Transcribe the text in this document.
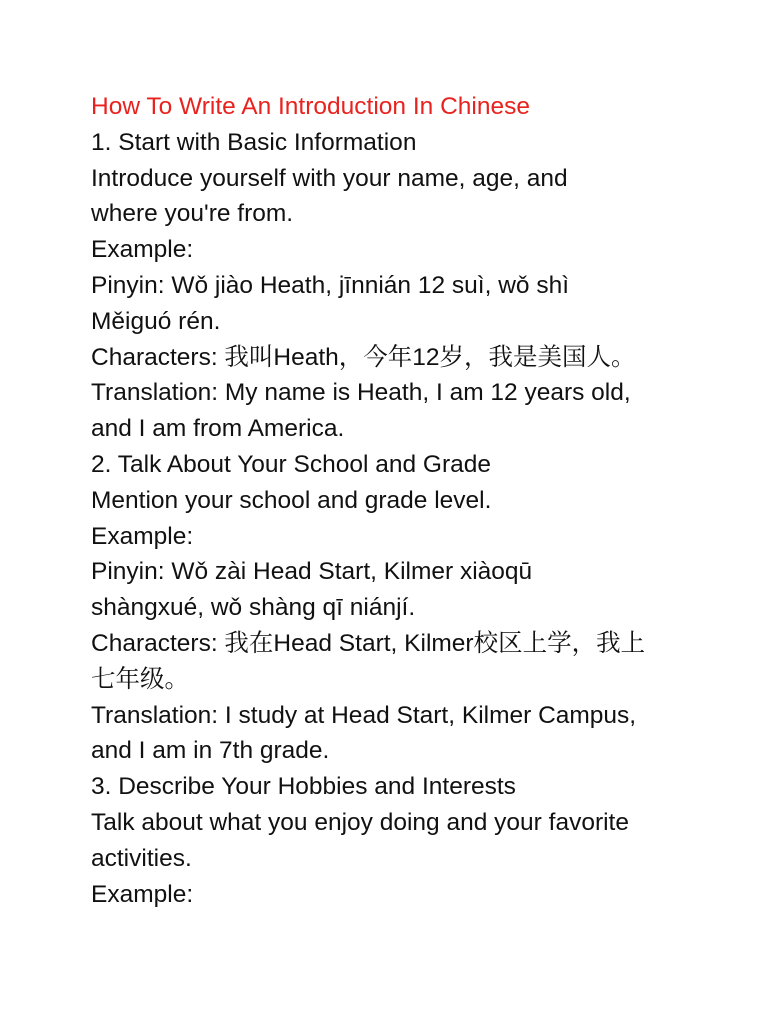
How To Write An Introduction In Chinese
1. Start with Basic Information
Introduce yourself with your name, age, and
where you're from.
Example:
Pinyin: Wǒ jiào Heath, jīnnián 12 suì, wǒ shì
Měiguó rén.
Characters: 我叫Heath，今年12岁，我是美国人。
Translation: My name is Heath, I am 12 years old,
and I am from America.
2. Talk About Your School and Grade
Mention your school and grade level.
Example:
Pinyin: Wǒ zài Head Start, Kilmer xiàoqū
shàngxué, wǒ shàng qī niánjí.
Characters: 我在Head Start, Kilmer校区上学，我上
七年级。
Translation: I study at Head Start, Kilmer Campus,
and I am in 7th grade.
3. Describe Your Hobbies and Interests
Talk about what you enjoy doing and your favorite
activities.
Example:
